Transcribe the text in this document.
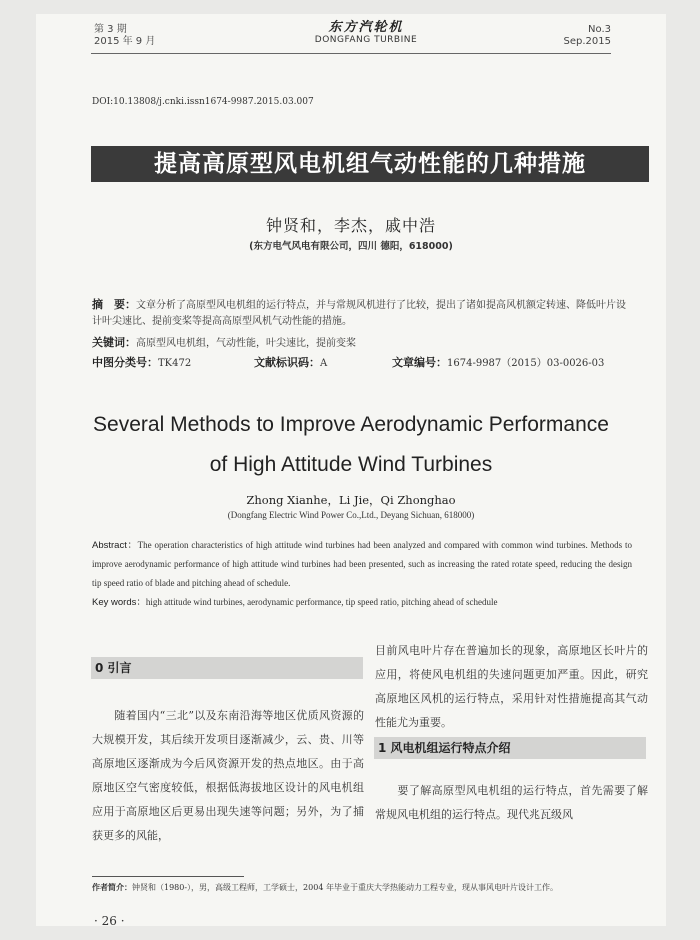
第 3 期
2015 年 9 月
东方汽轮机
DONGFANG TURBINE
No.3
Sep.2015
DOI:10.13808/j.cnki.issn1674-9987.2015.03.007
提高高原型风电机组气动性能的几种措施
钟贤和，李杰，戚中浩
(东方电气风电有限公司，四川 德阳，618000)
摘　要：文章分析了高原型风电机组的运行特点，并与常规风机进行了比较，提出了诸如提高风机额定转速、降低叶片设计叶尖速比、提前变桨等提高高原型风机气动性能的措施。
关键词：高原型风电机组，气动性能，叶尖速比，提前变桨
中图分类号：TK472	文献标识码：A	文章编号：1674-9987（2015）03-0026-03
Several Methods to Improve Aerodynamic Performance
of High Attitude Wind Turbines
Zhong Xianhe，Li Jie，Qi Zhonghao
(Dongfang Electric Wind Power Co.,Ltd., Deyang Sichuan, 618000)
Abstract：The operation characteristics of high attitude wind turbines had been analyzed and compared with common wind turbines. Methods to improve aerodynamic performance of high attitude wind turbines had been presented, such as increasing the rated rotate speed, reducing the design tip speed ratio of blade and pitching ahead of schedule.
Key words：high attitude wind turbines, aerodynamic performance, tip speed ratio, pitching ahead of schedule
0 引言
随着国内“三北”以及东南沿海等地区优质风资源的大规模开发，其后续开发项目逐渐减少，云、贵、川等高原地区逐渐成为今后风资源开发的热点地区。由于高原地区空气密度较低，根据低海拔地区设计的风电机组应用于高原地区后更易出现失速等问题；另外，为了捕获更多的风能，
目前风电叶片存在普遍加长的现象，高原地区长叶片的应用，将使风电机组的失速问题更加严重。因此，研究高原地区风机的运行特点，采用针对性措施提高其气动性能尤为重要。
1 风电机组运行特点介绍
要了解高原型风电机组的运行特点，首先需要了解常规风电机组的运行特点。现代兆瓦级风
作者简介：钟贤和（1980-），男，高级工程师，工学硕士，2004 年毕业于重庆大学热能动力工程专业，现从事风电叶片设计工作。
· 26 ·
